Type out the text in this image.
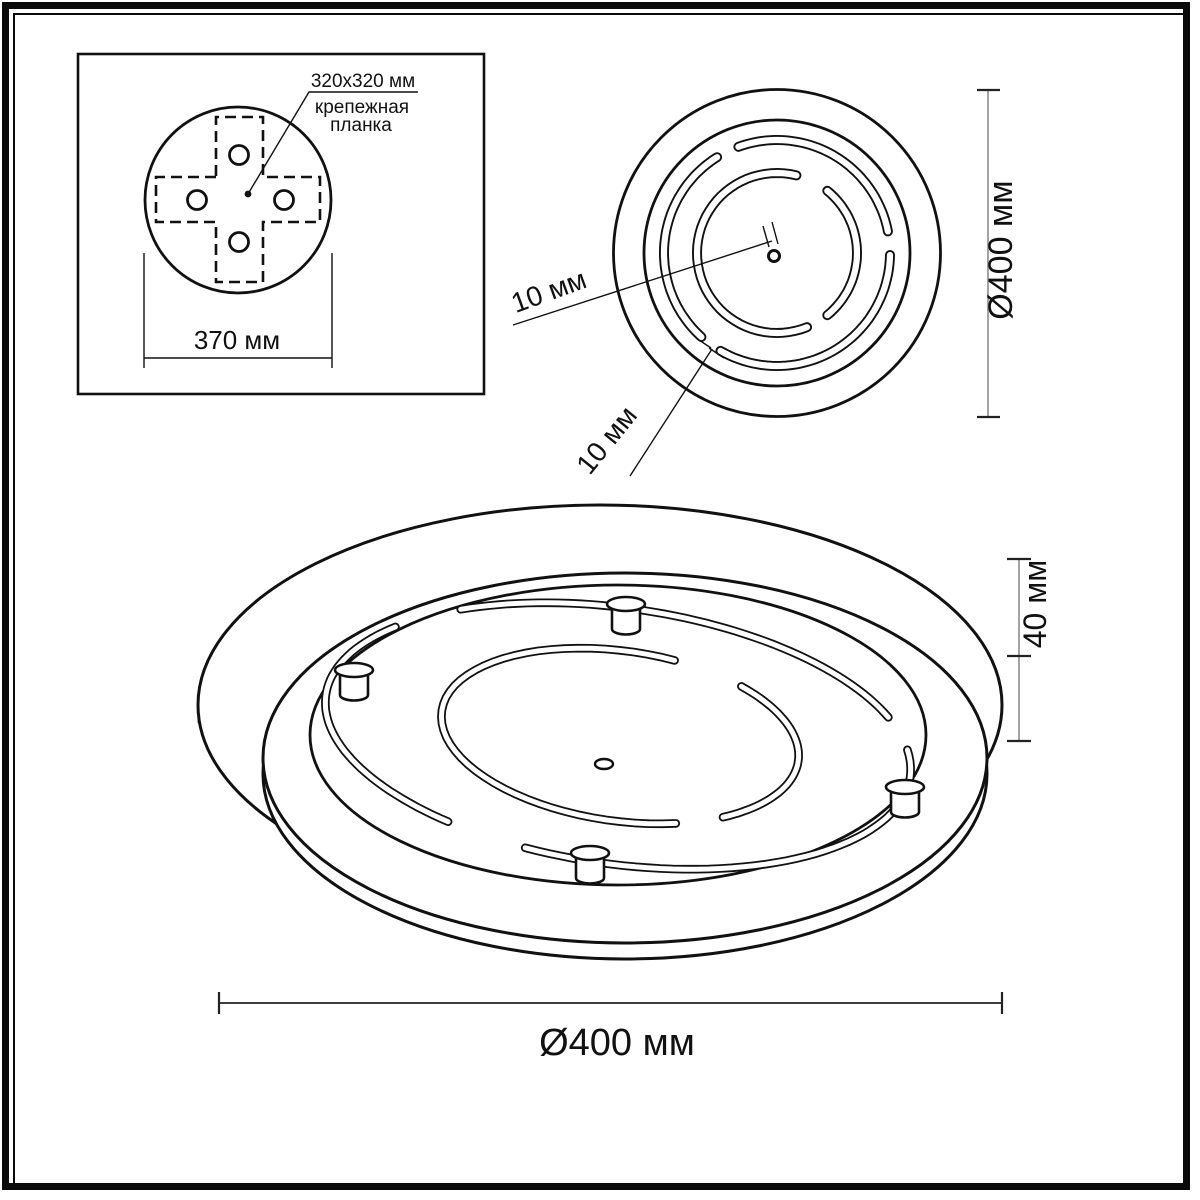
320x320 мм
крепежная
планка
370 мм
10 мм
10 мм
Ø400 мм
40 мм
Ø400 мм
